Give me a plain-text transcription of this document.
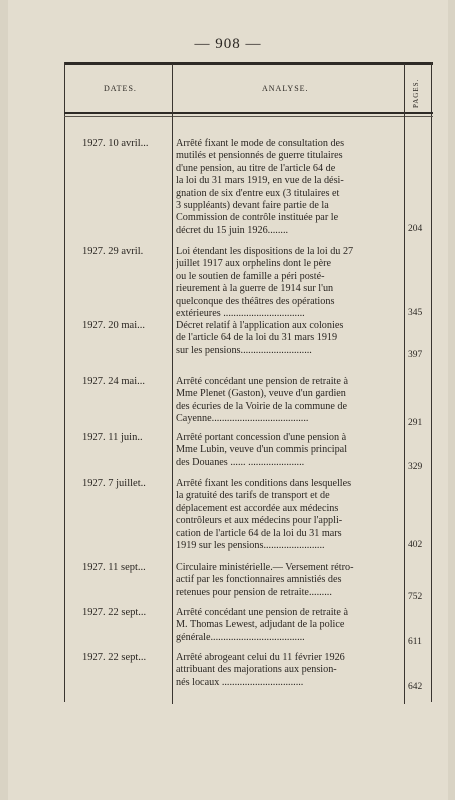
— 908 —
DATES.	ANALYSE.	PAGES.
1927. 10 avril...	Arrêté fixant le mode de consultation des
mutilés et pensionnés de guerre titulaires
d'une pension, au titre de l'article 64 de
la loi du 31 mars 1919, en vue de la dési-
gnation de six d'entre eux (3 titulaires et
3 suppléants) devant faire partie de la
Commission de contrôle instituée par le
décret du 15 juin 1926........	204
1927. 29 avril.	Loi étendant les dispositions de la loi du 27
juillet 1917 aux orphelins dont le père
ou le soutien de famille a péri posté-
rieurement à la guerre de 1914 sur l'un
quelconque des théâtres des opérations
extérieures ................................	345
1927. 20 mai...	Décret relatif à l'application aux colonies
de l'article 64 de la loi du 31 mars 1919
sur les pensions............................	397
1927. 24 mai...	Arrêté concédant une pension de retraite à
Mme Plenet (Gaston), veuve d'un gardien
des écuries de la Voirie de la commune de
Cayenne......................................	291
1927. 11 juin..	Arrêté portant concession d'une pension à
Mme Lubin, veuve d'un commis principal
des Douanes ...... ......................	329
1927. 7 juillet..	Arrêté fixant les conditions dans lesquelles
la gratuité des tarifs de transport et de
déplacement est accordée aux médecins
contrôleurs et aux médecins pour l'appli-
cation de l'article 64 de la loi du 31 mars
1919 sur les pensions........................	402
1927. 11 sept...	Circulaire ministérielle.— Versement rétro-
actif par les fonctionnaires amnistiés des
retenues pour pension de retraite.........	752
1927. 22 sept...	Arrêté concédant une pension de retraite à
M. Thomas Lewest, adjudant de la police
générale.....................................	611
1927. 22 sept...	Arrêté abrogeant celui du 11 février 1926
attribuant des majorations aux pension-
nés locaux ................................	642
